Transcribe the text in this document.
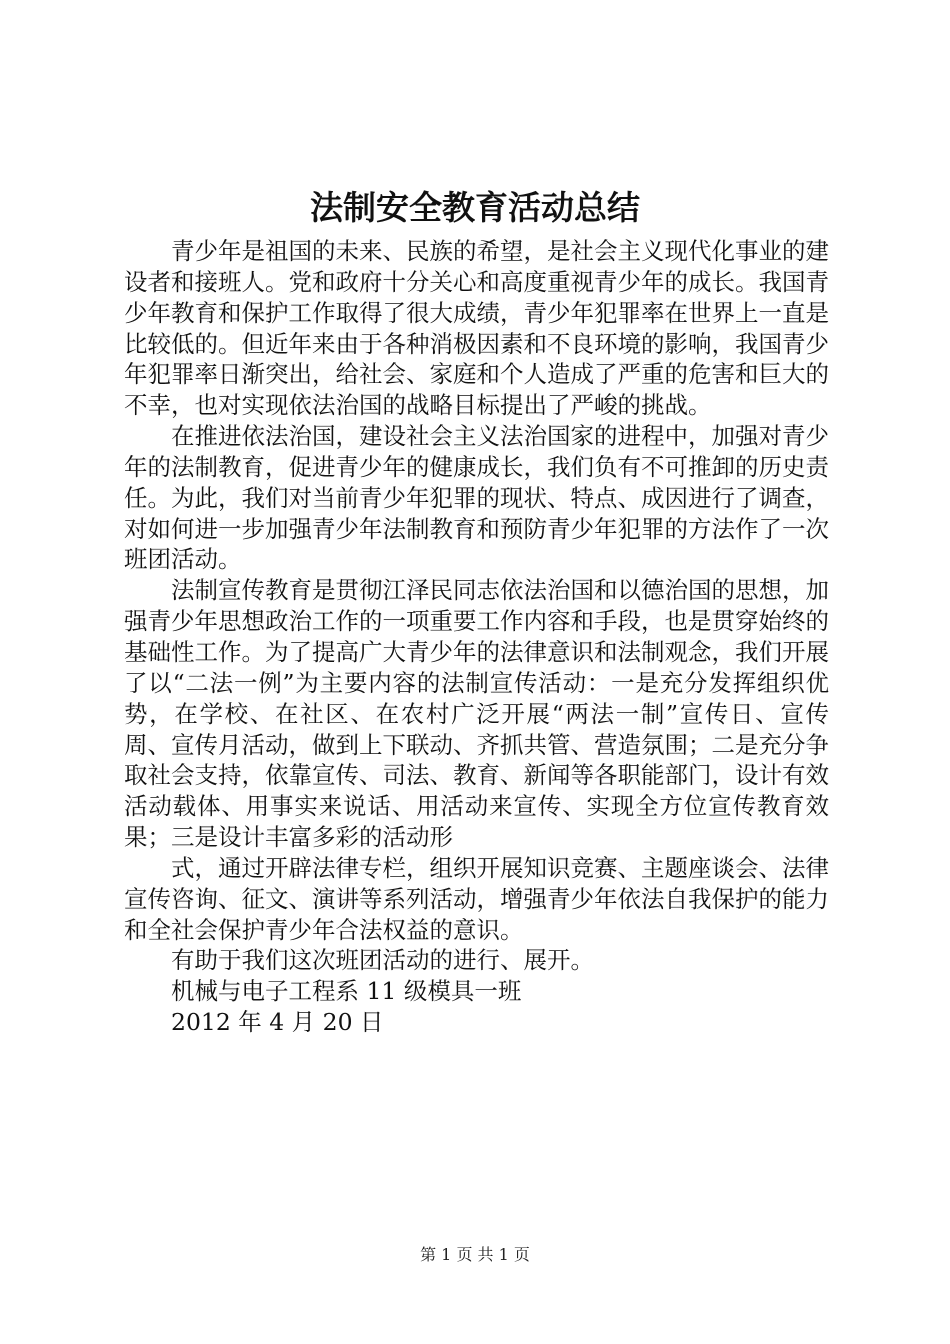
法制安全教育活动总结

青少年是祖国的未来、民族的希望，是社会主义现代化事业的建设者和接班人。党和政府十分关心和高度重视青少年的成长。我国青少年教育和保护工作取得了很大成绩，青少年犯罪率在世界上一直是比较低的。但近年来由于各种消极因素和不良环境的影响，我国青少年犯罪率日渐突出，给社会、家庭和个人造成了严重的危害和巨大的不幸，也对实现依法治国的战略目标提出了严峻的挑战。

在推进依法治国，建设社会主义法治国家的进程中，加强对青少年的法制教育，促进青少年的健康成长，我们负有不可推卸的历史责任。为此，我们对当前青少年犯罪的现状、特点、成因进行了调查，对如何进一步加强青少年法制教育和预防青少年犯罪的方法作了一次班团活动。

法制宣传教育是贯彻江泽民同志依法治国和以德治国的思想，加强青少年思想政治工作的一项重要工作内容和手段，也是贯穿始终的基础性工作。为了提高广大青少年的法律意识和法制观念，我们开展了以“二法一例”为主要内容的法制宣传活动：一是充分发挥组织优势，在学校、在社区、在农村广泛开展“两法一制”宣传日、宣传周、宣传月活动，做到上下联动、齐抓共管、营造氛围；二是充分争取社会支持，依靠宣传、司法、教育、新闻等各职能部门，设计有效活动载体、用事实来说话、用活动来宣传、实现全方位宣传教育效果；三是设计丰富多彩的活动形

式，通过开辟法律专栏，组织开展知识竞赛、主题座谈会、法律宣传咨询、征文、演讲等系列活动，增强青少年依法自我保护的能力和全社会保护青少年合法权益的意识。

有助于我们这次班团活动的进行、展开。

机械与电子工程系 11 级模具一班

2012 年 4 月 20 日

第 1 页 共 1 页
